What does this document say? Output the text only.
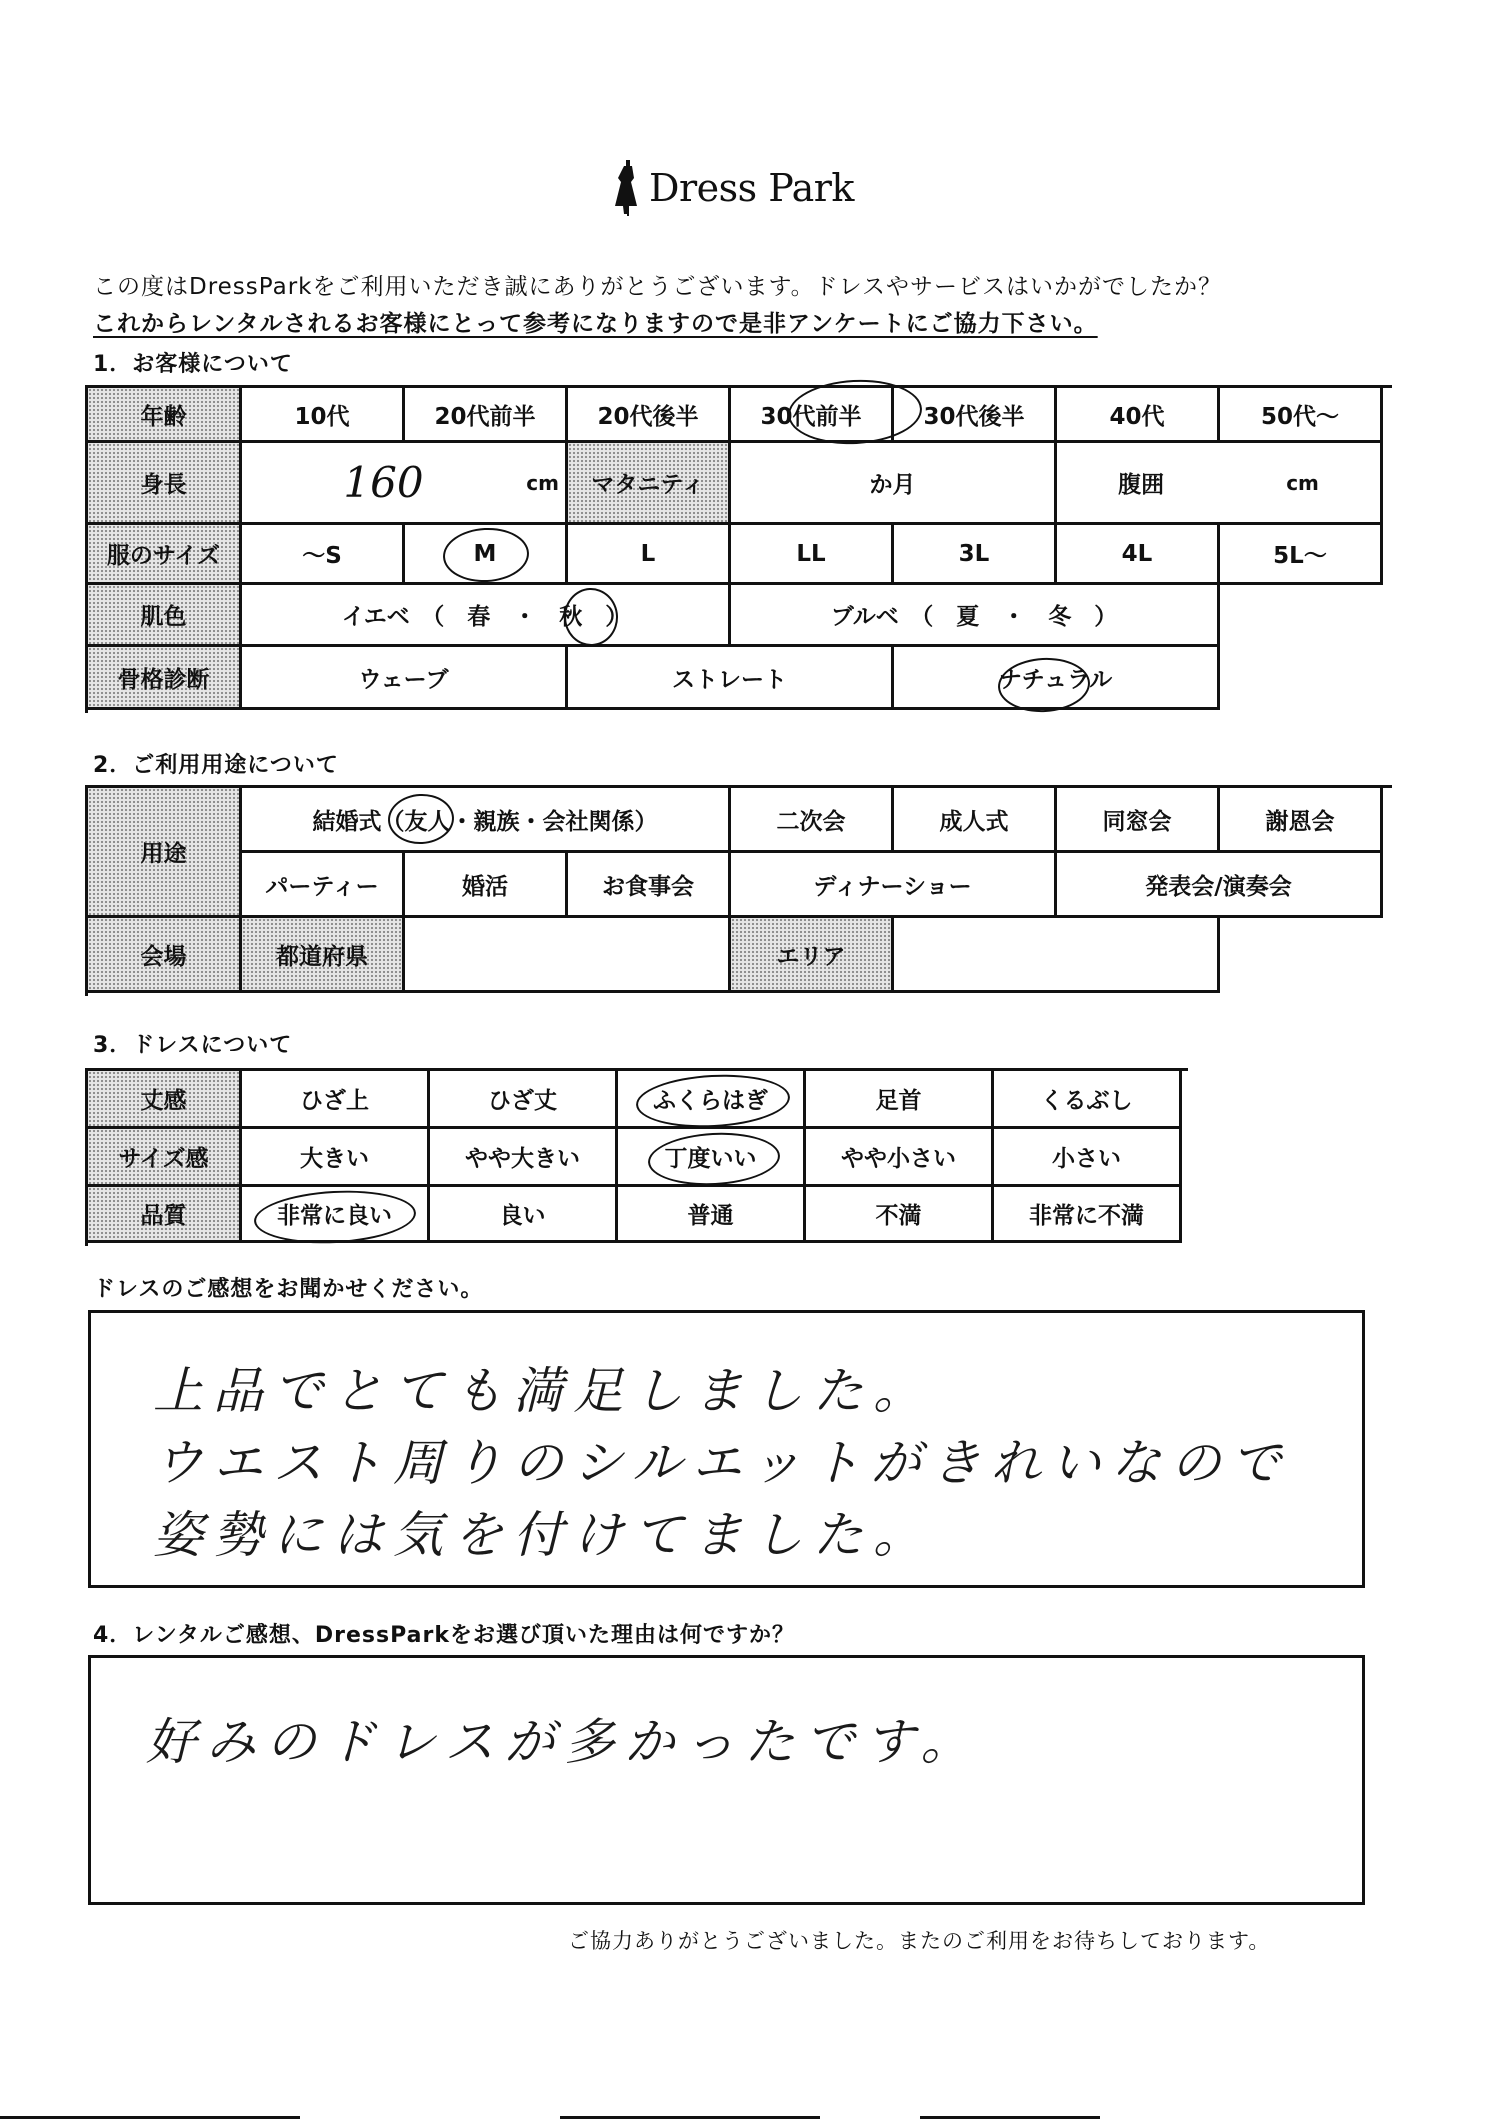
Dress Park
この度はDressParkをご利用いただき誠にありがとうございます。ドレスやサービスはいかがでしたか？
これからレンタルされるお客様にとって参考になりますので是非アンケートにご協力下さい。
1．お客様について
年齢	10代	20代前半	20代後半	30代前半	30代後半	40代	50代～
身長	160	cm	マタニティ	か月	腹囲	cm
服のサイズ	～S	M	L	LL	3L	4L	5L～
肌色	イエベ　（　春　・　秋　）	ブルベ　（　夏　・　冬　）
骨格診断	ウェーブ	ストレート	ナチュラル
2．ご利用用途について
用途
結婚式（友人・親族・会社関係）	二次会	成人式	同窓会	謝恩会
パーティー	婚活	お食事会	ディナーショー	発表会/演奏会
会場	都道府県	エリア
3．ドレスについて
丈感	ひざ上	ひざ丈	ふくらはぎ	足首	くるぶし
サイズ感	大きい	やや大きい	丁度いい	やや小さい	小さい
品質	非常に良い	良い	普通	不満	非常に不満
ドレスのご感想をお聞かせください。
上品でとても満足しました。
ウエスト周りのシルエットがきれいなので
姿勢には気を付けてました。
4．レンタルご感想、DressParkをお選び頂いた理由は何ですか？
好みのドレスが多かったです。
ご協力ありがとうございました。またのご利用をお待ちしております。
